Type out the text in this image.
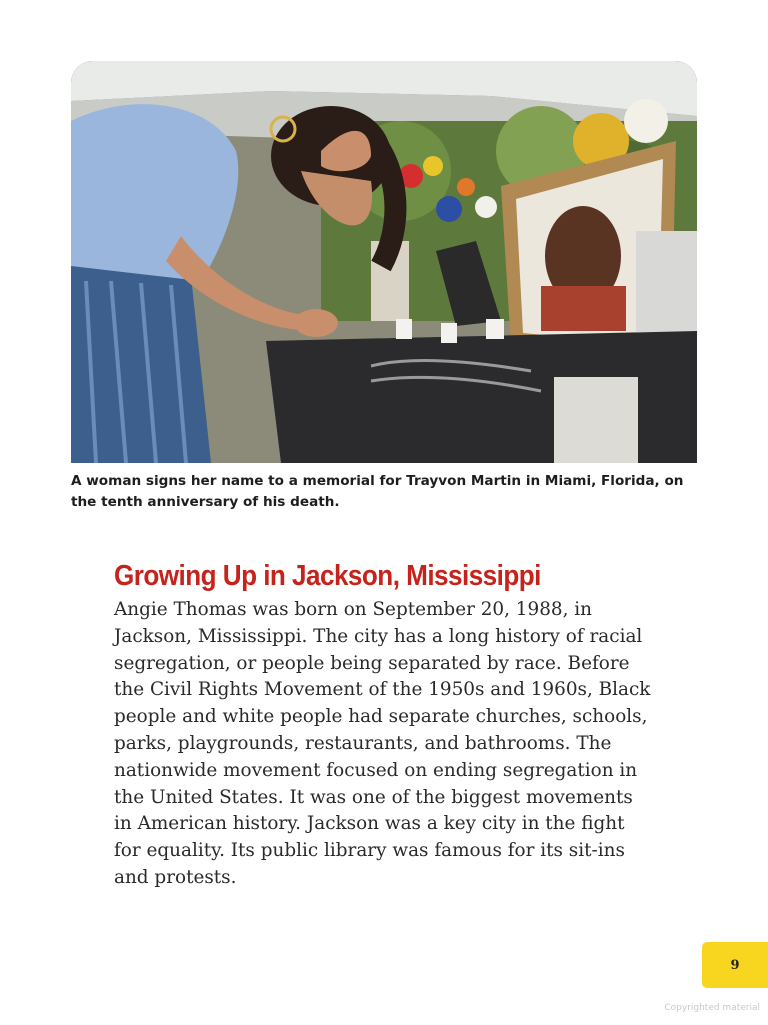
A woman signs her name to a memorial for Trayvon Martin in Miami, Florida, on the tenth anniversary of his death.

Growing Up in Jackson, Mississippi
Angie Thomas was born on September 20, 1988, in
Jackson, Mississippi. The city has a long history of racial
segregation, or people being separated by race. Before
the Civil Rights Movement of the 1950s and 1960s, Black
people and white people had separate churches, schools,
parks, playgrounds, restaurants, and bathrooms. The
nationwide movement focused on ending segregation in
the United States. It was one of the biggest movements
in American history. Jackson was a key city in the fight
for equality. Its public library was famous for its sit-ins
and protests.
9
Copyrighted material
